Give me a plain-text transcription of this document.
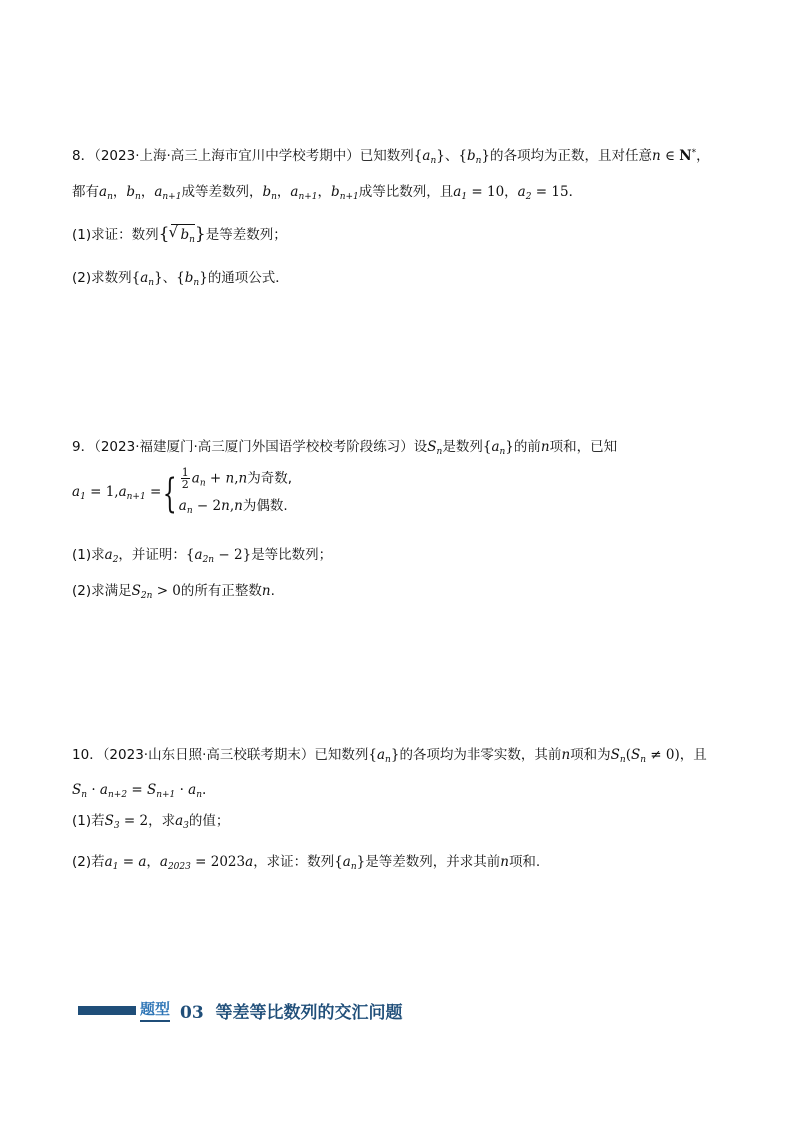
8．（2023·上海·高三上海市宜川中学校考期中）已知数列$\{a_n\}$、$\{b_n\}$的各项均为正数，且对任意n ∈ N*，
都有$a_n$，$b_n$，$a_{n+1}$成等差数列，$b_n$，$a_{n+1}$，$b_{n+1}$成等比数列，且$a_1 = 10$，$a_2 = 15$．
(1)求证：数列{√ $b_n$}是等差数列；
(2)求数列$\{a_n\}$、$\{b_n\}$的通项公式．
9．（2023·福建厦门·高三厦门外国语学校校考阶段练习）设$S_n$是数列$\{a_n\}$的前n项和，已知
$a_1 = 1,a_{n+1}$ ={ $\frac{1}{2} a_n + n,n$为奇数,
$a_n - 2n,n$为偶数.
(1)求$a_2$，并证明：$\{a_{2n} - 2\}$是等比数列；
(2)求满足$S_{2n} > 0$的所有正整数n.
10．（2023·山东日照·高三校联考期末）已知数列$\{a_n\}$的各项均为非零实数，其前n项和为$S_n(S_n \ne 0)$，且
$S_n \cdot a_{n+2} = S_{n+1} \cdot a_n$.
(1)若$S_3 = 2$，求$a_3$的值；
(2)若$a_1 = a$，$a_{2023} = 2023a$，求证：数列$\{a_n\}$是等差数列，并求其前n项和.
题型 03 等差等比数列的交汇问题
